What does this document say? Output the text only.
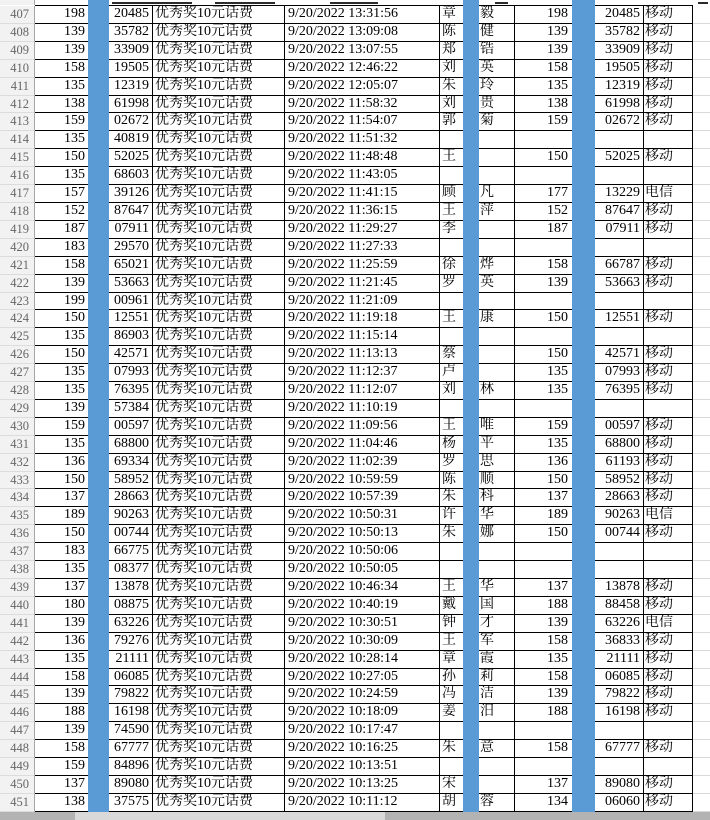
407	198	20485 优秀奖10元话费	9/20/2022 13:31:56	章 毅	198	20485 移动
408	139	35782 优秀奖10元话费	9/20/2022 13:09:08	陈 健	139	35782 移动
409	139	33909 优秀奖10元话费	9/20/2022 13:07:55	郑 锆	139	33909 移动
410	158	19505 优秀奖10元话费	9/20/2022 12:46:22	刘 英	158	19505 移动
411	135	12319 优秀奖10元话费	9/20/2022 12:05:07	朱 玲	135	12319 移动
412	138	61998 优秀奖10元话费	9/20/2022 11:58:32	刘 贵	138	61998 移动
413	159	02672 优秀奖10元话费	9/20/2022 11:54:07	郭 菊	159	02672 移动
414	135	40819 优秀奖10元话费	9/20/2022 11:51:32
415	150	52025 优秀奖10元话费	9/20/2022 11:48:48	王	150	52025 移动
416	135	68603 优秀奖10元话费	9/20/2022 11:43:05
417	157	39126 优秀奖10元话费	9/20/2022 11:41:15	顾 凡	177	13229 电信
418	152	87647 优秀奖10元话费	9/20/2022 11:36:15	王 萍	152	87647 移动
419	187	07911 优秀奖10元话费	9/20/2022 11:29:27	李	187	07911 移动
420	183	29570 优秀奖10元话费	9/20/2022 11:27:33
421	158	65021 优秀奖10元话费	9/20/2022 11:25:59	徐 烨	158	66787 移动
422	139	53663 优秀奖10元话费	9/20/2022 11:21:45	罗 英	139	53663 移动
423	199	00961 优秀奖10元话费	9/20/2022 11:21:09
424	150	12551 优秀奖10元话费	9/20/2022 11:19:18	王 康	150	12551 移动
425	135	86903 优秀奖10元话费	9/20/2022 11:15:14
426	150	42571 优秀奖10元话费	9/20/2022 11:13:13	蔡	150	42571 移动
427	135	07993 优秀奖10元话费	9/20/2022 11:12:37	卢	135	07993 移动
428	135	76395 优秀奖10元话费	9/20/2022 11:12:07	刘 林	135	76395 移动
429	139	57384 优秀奖10元话费	9/20/2022 11:10:19
430	159	00597 优秀奖10元话费	9/20/2022 11:09:56	王 唯	159	00597 移动
431	135	68800 优秀奖10元话费	9/20/2022 11:04:46	杨 平	135	68800 移动
432	136	69334 优秀奖10元话费	9/20/2022 11:02:39	罗 思	136	61193 移动
433	150	58952 优秀奖10元话费	9/20/2022 10:59:59	陈 顺	150	58952 移动
434	137	28663 优秀奖10元话费	9/20/2022 10:57:39	朱 科	137	28663 移动
435	189	90263 优秀奖10元话费	9/20/2022 10:50:31	许 华	189	90263 电信
436	150	00744 优秀奖10元话费	9/20/2022 10:50:13	朱 娜	150	00744 移动
437	183	66775 优秀奖10元话费	9/20/2022 10:50:06
438	135	08377 优秀奖10元话费	9/20/2022 10:50:05
439	137	13878 优秀奖10元话费	9/20/2022 10:46:34	王 华	137	13878 移动
440	180	08875 优秀奖10元话费	9/20/2022 10:40:19	戴 国	188	88458 移动
441	139	63226 优秀奖10元话费	9/20/2022 10:30:51	钟 才	139	63226 电信
442	136	79276 优秀奖10元话费	9/20/2022 10:30:09	王 军	158	36833 移动
443	135	21111 优秀奖10元话费	9/20/2022 10:28:14	章 霞	135	21111 移动
444	158	06085 优秀奖10元话费	9/20/2022 10:27:05	孙 莉	158	06085 移动
445	139	79822 优秀奖10元话费	9/20/2022 10:24:59	冯 洁	139	79822 移动
446	188	16198 优秀奖10元话费	9/20/2022 10:18:09	姜 汨	188	16198 移动
447	139	74590 优秀奖10元话费	9/20/2022 10:17:47
448	158	67777 优秀奖10元话费	9/20/2022 10:16:25	朱 意	158	67777 移动
449	159	84896 优秀奖10元话费	9/20/2022 10:13:51
450	137	89080 优秀奖10元话费	9/20/2022 10:13:25	宋	137	89080 移动
451	138	37575 优秀奖10元话费	9/20/2022 10:11:12	胡 蓉	134	06060 移动
